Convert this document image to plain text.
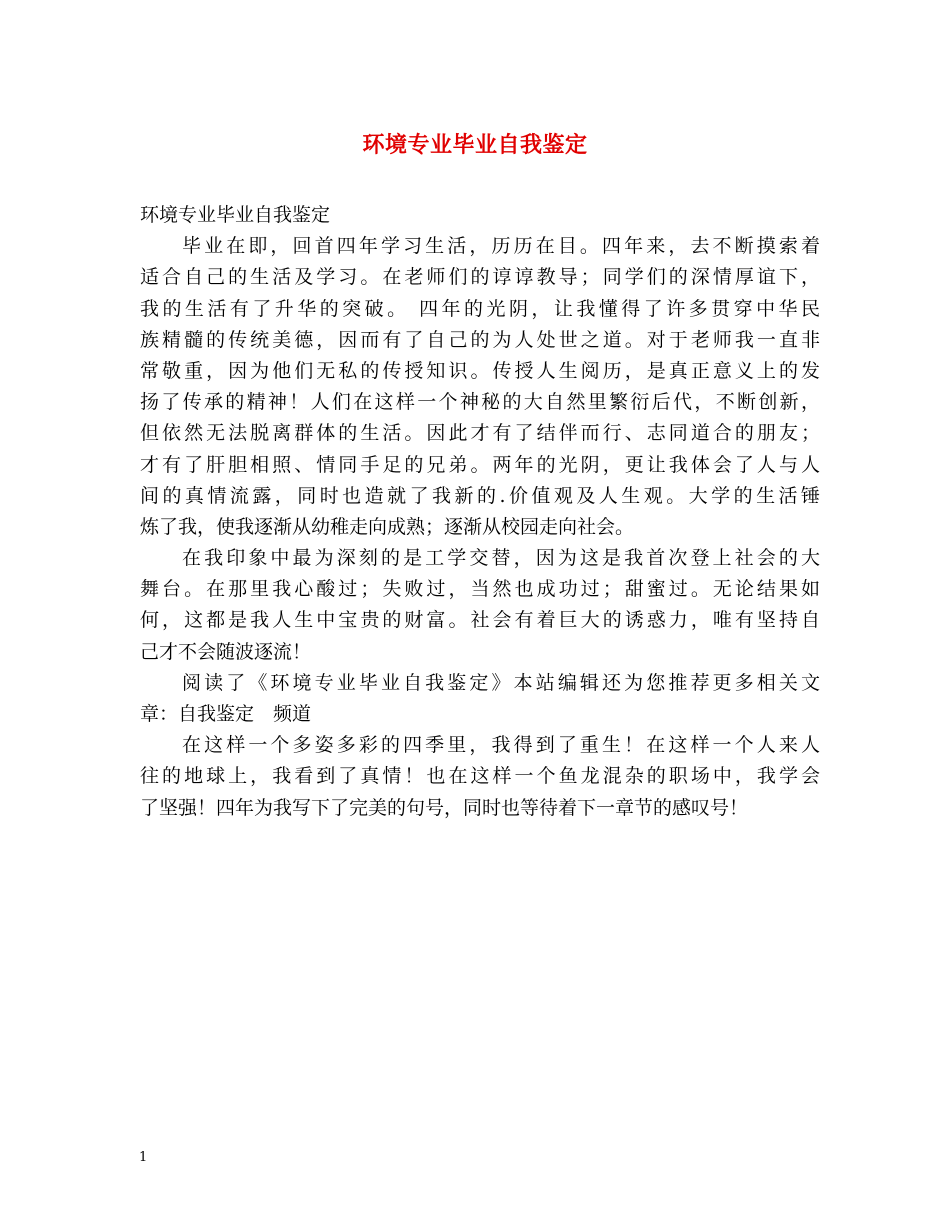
环境专业毕业自我鉴定
环境专业毕业自我鉴定
毕业在即，回首四年学习生活，历历在目。四年来，去不断摸索着
适合自己的生活及学习。在老师们的谆谆教导；同学们的深情厚谊下，
我的生活有了升华的突破。 四年的光阴，让我懂得了许多贯穿中华民
族精髓的传统美德，因而有了自己的为人处世之道。对于老师我一直非
常敬重，因为他们无私的传授知识。传授人生阅历，是真正意义上的发
扬了传承的精神！人们在这样一个神秘的大自然里繁衍后代，不断创新，
但依然无法脱离群体的生活。因此才有了结伴而行、志同道合的朋友；
才有了肝胆相照、情同手足的兄弟。两年的光阴，更让我体会了人与人
间的真情流露，同时也造就了我新的.价值观及人生观。大学的生活锤
炼了我，使我逐渐从幼稚走向成熟；逐渐从校园走向社会。
在我印象中最为深刻的是工学交替，因为这是我首次登上社会的大
舞台。在那里我心酸过；失败过，当然也成功过；甜蜜过。无论结果如
何，这都是我人生中宝贵的财富。社会有着巨大的诱惑力，唯有坚持自
己才不会随波逐流！
阅读了《环境专业毕业自我鉴定》本站编辑还为您推荐更多相关文
章：自我鉴定　频道
在这样一个多姿多彩的四季里，我得到了重生！在这样一个人来人
往的地球上，我看到了真情！也在这样一个鱼龙混杂的职场中，我学会
了坚强！四年为我写下了完美的句号，同时也等待着下一章节的感叹号！
1
